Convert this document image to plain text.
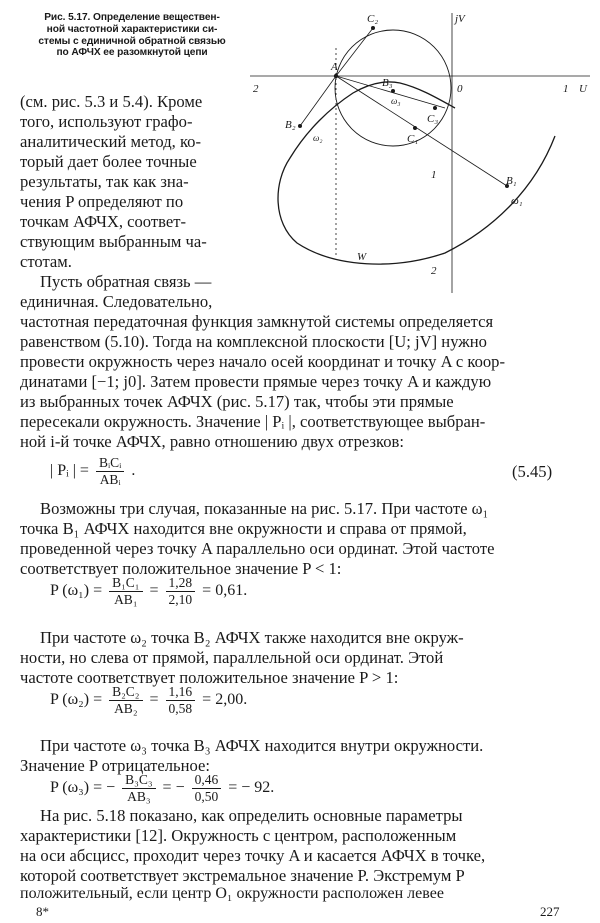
Рис. 5.17. Определение веществен-
ной частотной характеристики си-
стемы с единичной обратной связью
по АФЧХ ее разомкнутой цепи
A
0
jV
U
2	1
1
2
C₂
B₃
ω₃
C₃
C₁
B₂
ω₂
B₁
ω₁
W
(см. рис. 5.3 и 5.4). Кроме
того, используют графо-
аналитический метод, ко-
торый дает более точные
результаты, так как зна-
чения P определяют по
точкам АФЧХ, соответ-
ствующим выбранным ча-
стотам.
Пусть обратная связь —
единичная. Следовательно,
частотная передаточная функция замкнутой системы определяется
равенством (5.10). Тогда на комплексной плоскости [U; jV] нужно
провести окружность через начало осей координат и точку A с коор-
динатами [−1; j0]. Затем провести прямые через точку A и каждую
из выбранных точек АФЧХ (рис. 5.17) так, чтобы эти прямые
пересекали окружность. Значение | Pᵢ |, соответствующее выбран-
ной i-й точке АФЧХ, равно отношению двух отрезков:
| Pᵢ | = $\frac{\text{BᵢCᵢ}}{\text{ABᵢ}}$ .	(5.45)
Возможны три случая, показанные на рис. 5.17. При частоте ω₁
точка B₁ АФЧХ находится вне окружности и справа от прямой,
проведенной через точку A параллельно оси ординат. Этой частоте
соответствует положительное значение P < 1:
P $(\omega_1) = \frac{\text{B₁C₁}}{\text{AB₁}} = \frac{1,28}{2,10} = 0,61$.
При частоте ω₂ точка B₂ АФЧХ также находится вне окруж-
ности, но слева от прямой, параллельной оси ординат. Этой
частоте соответствует положительное значение P > 1:
P $(\omega_2) = \frac{\text{B₂C₂}}{\text{AB₂}} = \frac{1,16}{0,58} = 2,00$.
При частоте ω₃ точка B₃ АФЧХ находится внутри окружности.
Значение P отрицательное:
P (ω₃) = − $\frac{\text{B₃C₃}}{\text{AB₃}}$ = − $\frac{0,46}{0,50}$ = − 92.
На рис. 5.18 показано, как определить основные параметры
характеристики [12]. Окружность с центром, расположенным
на оси абсцисс, проходит через точку A и касается АФЧХ в точке,
которой соответствует экстремальное значение P. Экстремум P
положительный, если центр O₁ окружности расположен левее
8*	227
